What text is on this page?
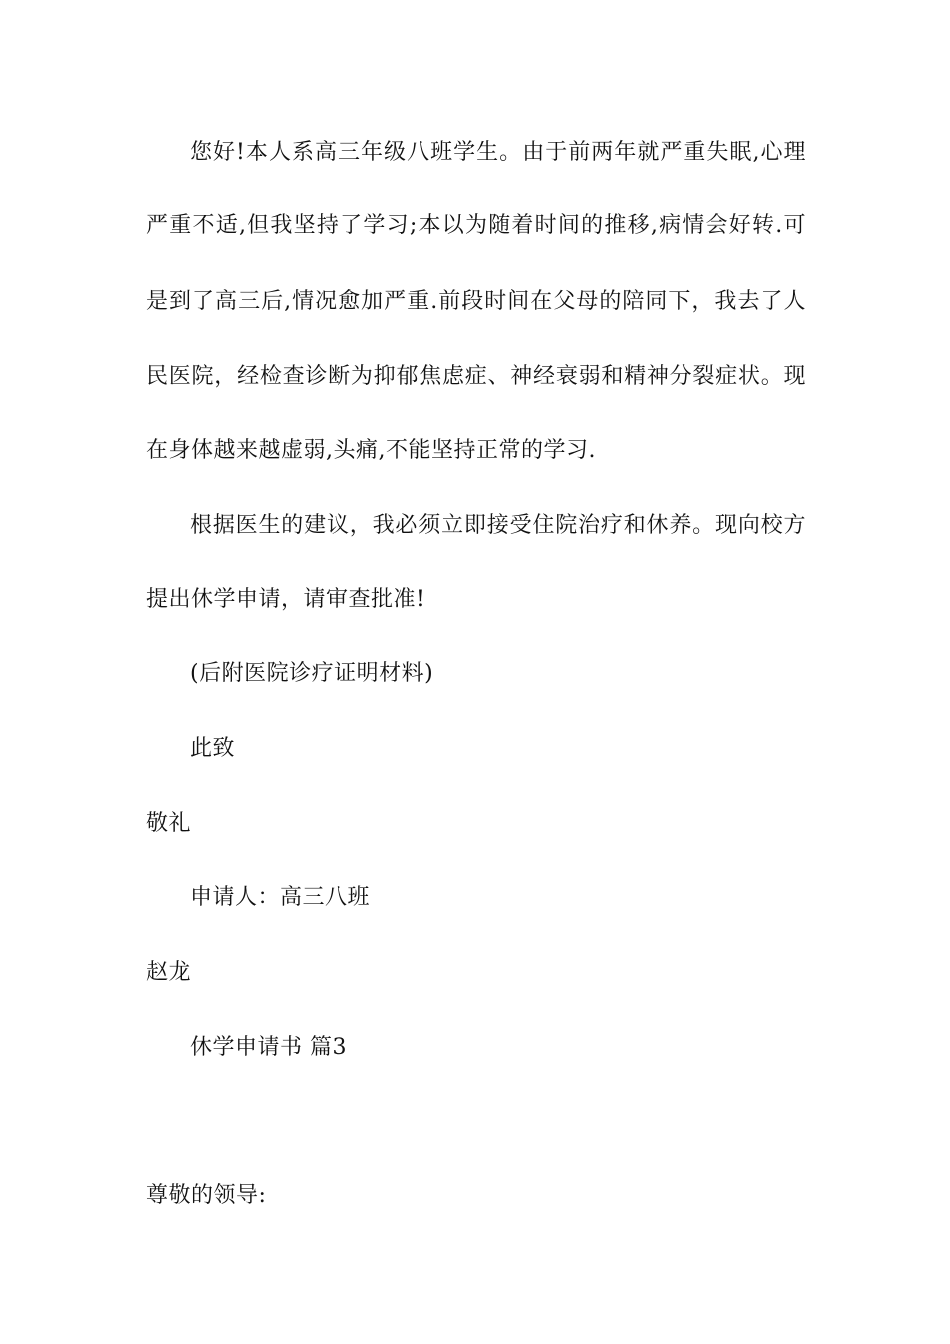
您好!本人系高三年级八班学生。由于前两年就严重失眠,心理
严重不适,但我坚持了学习;本以为随着时间的推移,病情会好转.可
是到了高三后,情况愈加严重.前段时间在父母的陪同下，我去了人
民医院，经检查诊断为抑郁焦虑症、神经衰弱和精神分裂症状。现
在身体越来越虚弱,头痛,不能坚持正常的学习.
根据医生的建议，我必须立即接受住院治疗和休养。现向校方
提出休学申请，请审查批准!
(后附医院诊疗证明材料)
此致
敬礼
申请人：高三八班
赵龙
休学申请书 篇3
尊敬的领导:
